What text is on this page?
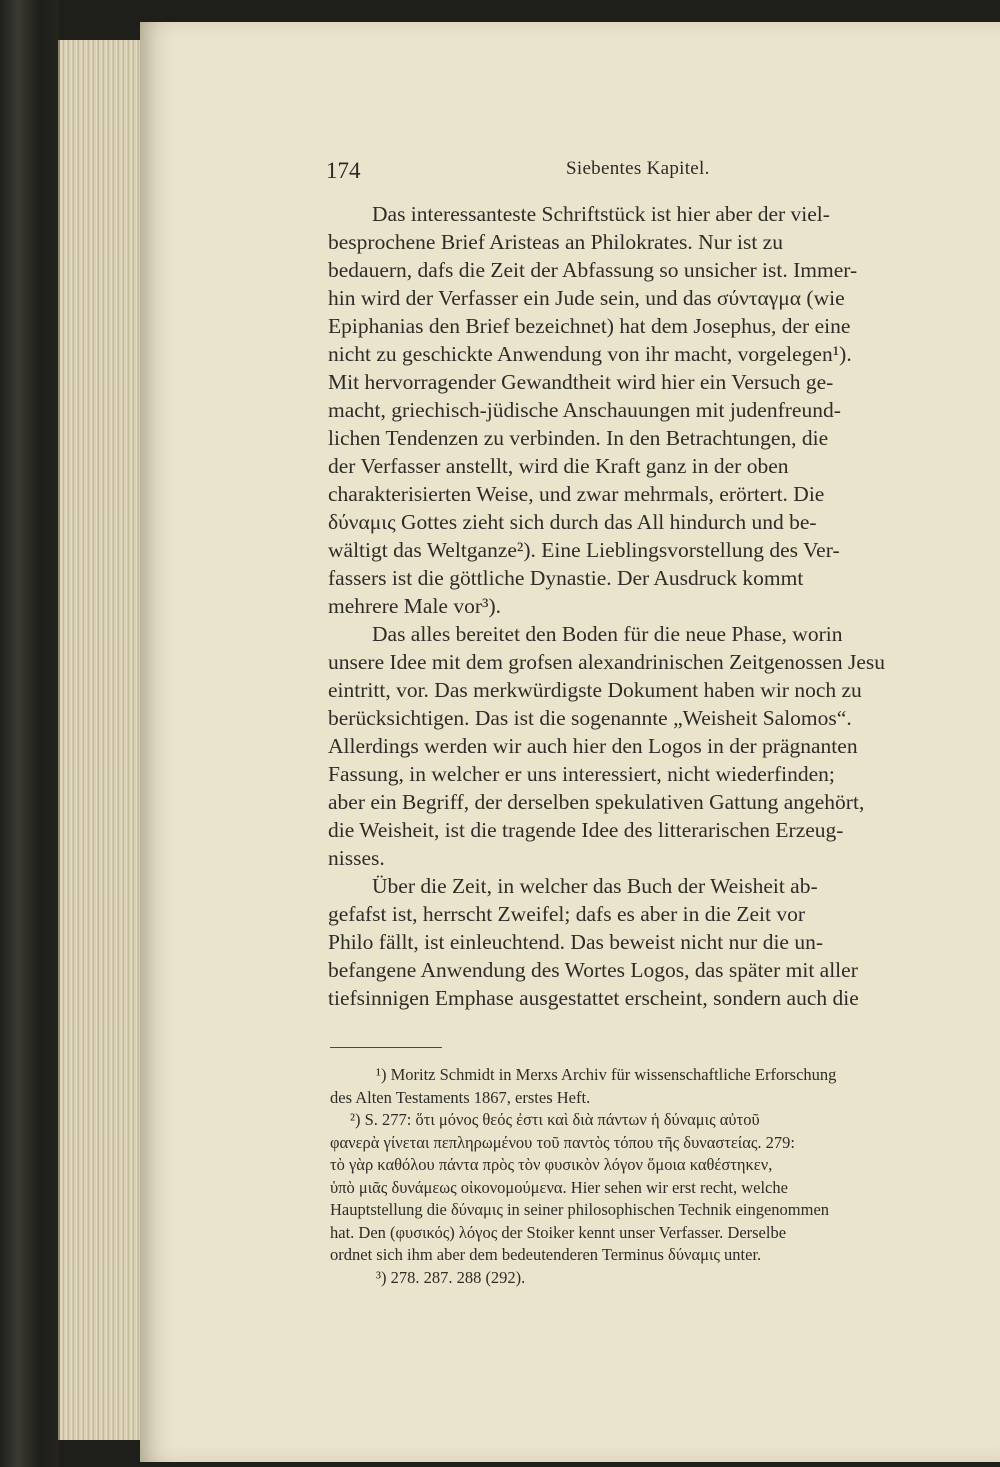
174	Siebentes Kapitel.
Das interessanteste Schriftstück ist hier aber der viel-
besprochene Brief Aristeas an Philokrates. Nur ist zu
bedauern, dafs die Zeit der Abfassung so unsicher ist. Immer-
hin wird der Verfasser ein Jude sein, und das σύνταγμα (wie
Epiphanias den Brief bezeichnet) hat dem Josephus, der eine
nicht zu geschickte Anwendung von ihr macht, vorgelegen¹).
Mit hervorragender Gewandtheit wird hier ein Versuch ge-
macht, griechisch-jüdische Anschauungen mit judenfreund-
lichen Tendenzen zu verbinden. In den Betrachtungen, die
der Verfasser anstellt, wird die Kraft ganz in der oben
charakterisierten Weise, und zwar mehrmals, erörtert. Die
δύναμις Gottes zieht sich durch das All hindurch und be-
wältigt das Weltganze²). Eine Lieblingsvorstellung des Ver-
fassers ist die göttliche Dynastie. Der Ausdruck kommt
mehrere Male vor³).
Das alles bereitet den Boden für die neue Phase, worin
unsere Idee mit dem grofsen alexandrinischen Zeitgenossen Jesu
eintritt, vor. Das merkwürdigste Dokument haben wir noch zu
berücksichtigen. Das ist die sogenannte „Weisheit Salomos“.
Allerdings werden wir auch hier den Logos in der prägnanten
Fassung, in welcher er uns interessiert, nicht wiederfinden;
aber ein Begriff, der derselben spekulativen Gattung angehört,
die Weisheit, ist die tragende Idee des litterarischen Erzeug-
nisses.
Über die Zeit, in welcher das Buch der Weisheit ab-
gefafst ist, herrscht Zweifel; dafs es aber in die Zeit vor
Philo fällt, ist einleuchtend. Das beweist nicht nur die un-
befangene Anwendung des Wortes Logos, das später mit aller
tiefsinnigen Emphase ausgestattet erscheint, sondern auch die
¹) Moritz Schmidt in Merxs Archiv für wissenschaftliche Erforschung
des Alten Testaments 1867, erstes Heft.
²) S. 277: ὅτι μόνος θεός ἐστι καὶ διὰ πάντων ἡ δύναμις αὐτοῦ
φανερὰ γίνεται πεπληρωμένου τοῦ παντὸς τόπου τῆς δυναστείας. 279:
τὸ γὰρ καθόλου πάντα πρὸς τὸν φυσικὸν λόγον ὅμοια καθέστηκεν,
ὑπὸ μιᾶς δυνάμεως οἰκονομούμενα. Hier sehen wir erst recht, welche
Hauptstellung die δύναμις in seiner philosophischen Technik eingenommen
hat. Den (φυσικός) λόγος der Stoiker kennt unser Verfasser. Derselbe
ordnet sich ihm aber dem bedeutenderen Terminus δύναμις unter.
³) 278. 287. 288 (292).
